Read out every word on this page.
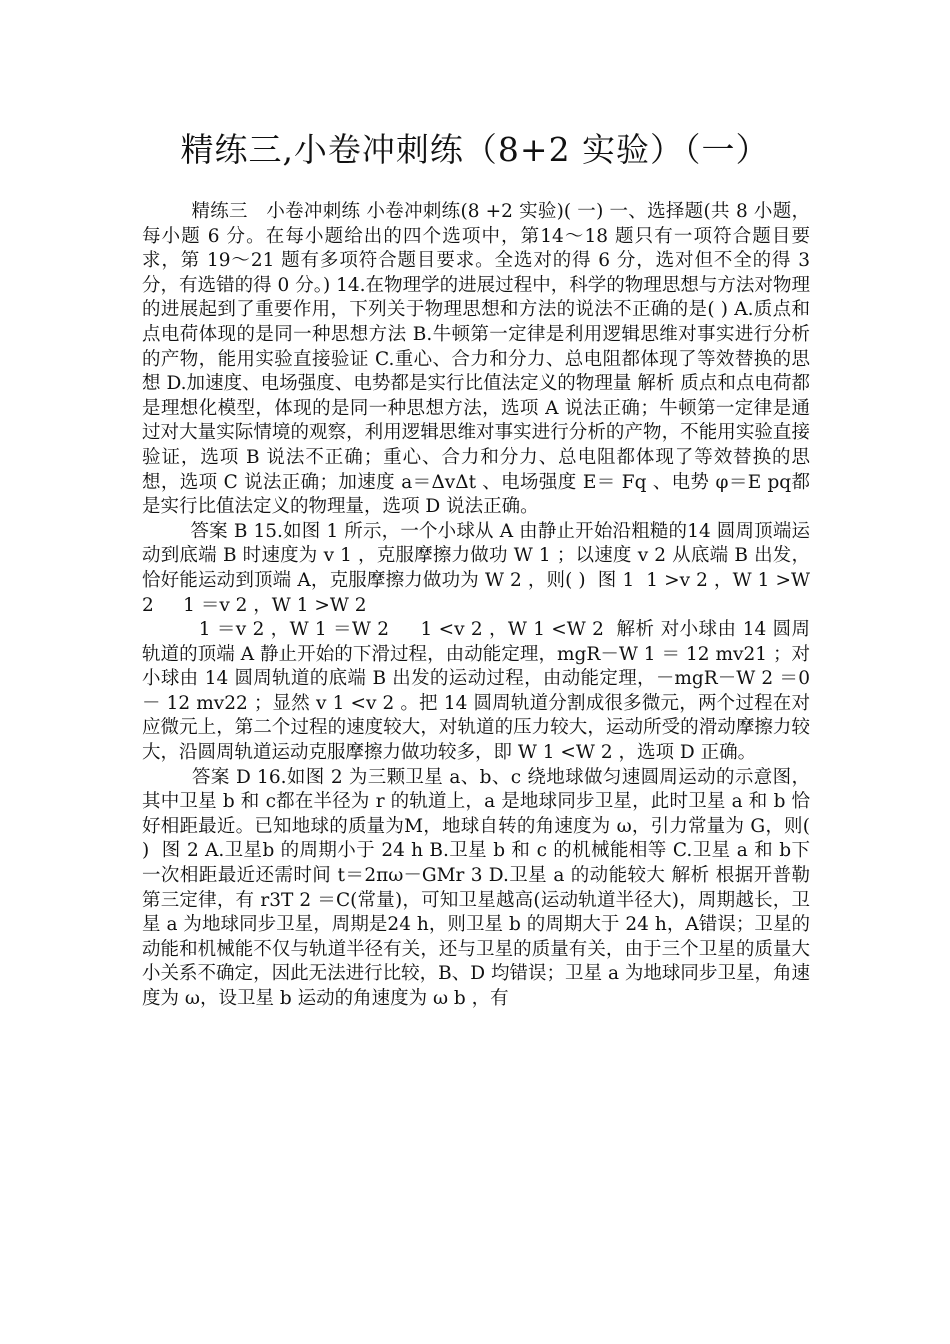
精练三,小卷冲刺练（8+2 实验）（一）

精练三   小卷冲刺练 小卷冲刺练(8 +2 实验)( 一) 一、选择题(共 8 小题，每小题 6 分。在每小题给出的四个选项中，第14～18 题只有一项符合题目要求，第 19～21 题有多项符合题目要求。全选对的得 6 分，选对但不全的得 3 分，有选错的得 0 分。) 14.在物理学的进展过程中，科学的物理思想与方法对物理的进展起到了重要作用，下列关于物理思想和方法的说法不正确的是( ) A.质点和点电荷体现的是同一种思想方法 B.牛顿第一定律是利用逻辑思维对事实进行分析的产物，能用实验直接验证 C.重心、合力和分力、总电阻都体现了等效替换的思想 D.加速度、电场强度、电势都是实行比值法定义的物理量 解析 质点和点电荷都是理想化模型，体现的是同一种思想方法，选项 A 说法正确；牛顿第一定律是通过对大量实际情境的观察，利用逻辑思维对事实进行分析的产物，不能用实验直接验证，选项 B 说法不正确；重心、合力和分力、总电阻都体现了等效替换的思想，选项 C 说法正确；加速度 a＝ΔvΔt 、电场强度 E＝ Fq 、电势 φ＝E pq都是实行比值法定义的物理量，选项 D 说法正确。

答案 B 15.如图 1 所示，一个小球从 A 由静止开始沿粗糙的14 圆周顶端运动到底端 B 时速度为 v 1 ，克服摩擦力做功 W 1 ；以速度 v 2 从底端 B 出发，恰好能运动到顶端 A，克服摩擦力做功为 W 2 ，则( )  图 1  1 >v 2 ，W 1 >W 2     1 ＝v 2 ，W 1 >W 2

1 ＝v 2 ，W 1 ＝W 2     1 <v 2 ，W 1 <W 2  解析 对小球由 14 圆周轨道的顶端 A 静止开始的下滑过程，由动能定理，mgR－W 1 ＝ 12 mv21 ；对小球由 14 圆周轨道的底端 B 出发的运动过程，由动能定理，－mgR－W 2 ＝0－ 12 mv22 ；显然 v 1 <v 2 。把 14 圆周轨道分割成很多微元，两个过程在对应微元上，第二个过程的速度较大，对轨道的压力较大，运动所受的滑动摩擦力较大，沿圆周轨道运动克服摩擦力做功较多，即 W 1 <W 2 ，选项 D 正确。

答案 D 16.如图 2 为三颗卫星 a、b、c 绕地球做匀速圆周运动的示意图，其中卫星 b 和 c都在半径为 r 的轨道上，a 是地球同步卫星，此时卫星 a 和 b 恰好相距最近。已知地球的质量为M，地球自转的角速度为 ω，引力常量为 G，则( )  图 2 A.卫星b 的周期小于 24 h B.卫星 b 和 c 的机械能相等 C.卫星 a 和 b下一次相距最近还需时间 t＝2πω－GMr 3 D.卫星 a 的动能较大 解析 根据开普勒第三定律，有 r3T 2 ＝C(常量)，可知卫星越高(运动轨道半径大)，周期越长，卫星 a 为地球同步卫星，周期是24 h，则卫星 b 的周期大于 24 h，A错误；卫星的动能和机械能不仅与轨道半径有关，还与卫星的质量有关，由于三个卫星的质量大小关系不确定，因此无法进行比较，B、D 均错误；卫星 a 为地球同步卫星，角速度为 ω，设卫星 b 运动的角速度为 ω b ，有
